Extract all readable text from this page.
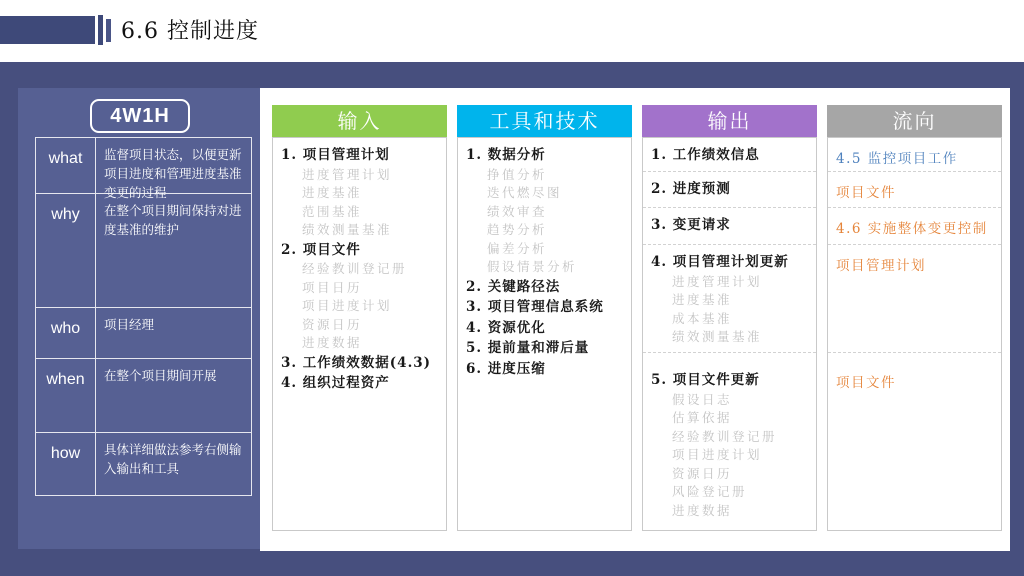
6.6 控制进度
4W1H
what	监督项目状态，以便更新项目进度和管理进度基准变更的过程
why	在整个项目期间保持对进度基准的维护
who	项目经理
when	在整个项目期间开展
how	具体详细做法参考右侧输入输出和工具
输入
1. 项目管理计划
进度管理计划
进度基准
范围基准
绩效测量基准
2. 项目文件
经验教训登记册
项目日历
项目进度计划
资源日历
进度数据
3. 工作绩效数据(4.3)
4. 组织过程资产
工具和技术
1. 数据分析
挣值分析
迭代燃尽图
绩效审查
趋势分析
偏差分析
假设情景分析
2. 关键路径法
3. 项目管理信息系统
4. 资源优化
5. 提前量和滞后量
6. 进度压缩
输出
1. 工作绩效信息
2. 进度预测
3. 变更请求
4. 项目管理计划更新
进度管理计划
进度基准
成本基准
绩效测量基准
5. 项目文件更新
假设日志
估算依据
经验教训登记册
项目进度计划
资源日历
风险登记册
进度数据
流向
4.5 监控项目工作
项目文件
4.6 实施整体变更控制
项目管理计划
项目文件
